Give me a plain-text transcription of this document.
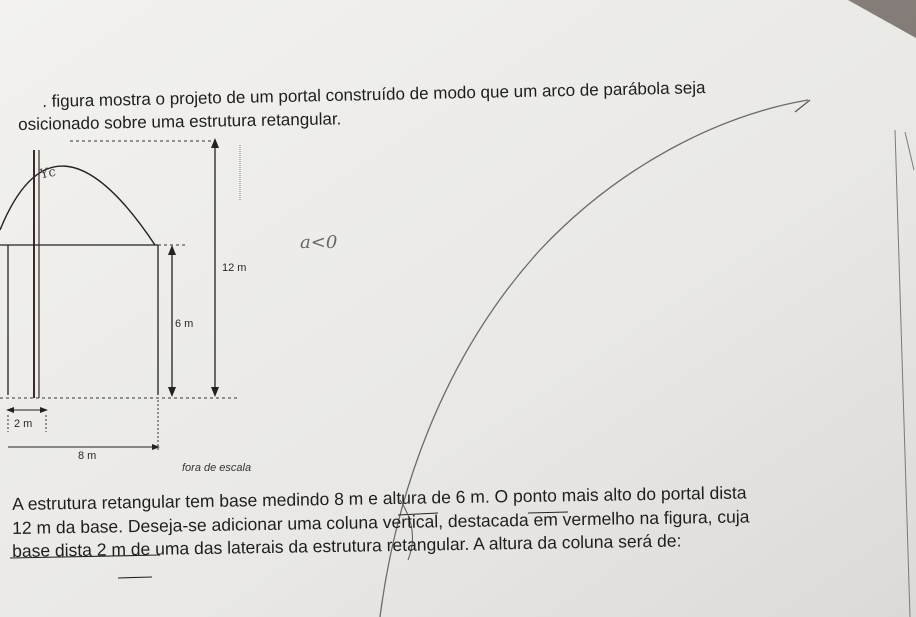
. figura mostra o projeto de um portal construído de modo que um arco de parábola seja
osicionado sobre uma estrutura retangular.
12 m
6 m
2 m
8 m
fora de escala
a<0
Yc
A estrutura retangular tem base medindo 8 m e altura de 6 m. O ponto mais alto do portal dista
12 m da base. Deseja-se adicionar uma coluna vertical, destacada em vermelho na figura, cuja
base dista 2 m de uma das laterais da estrutura retangular. A altura da coluna será de:
